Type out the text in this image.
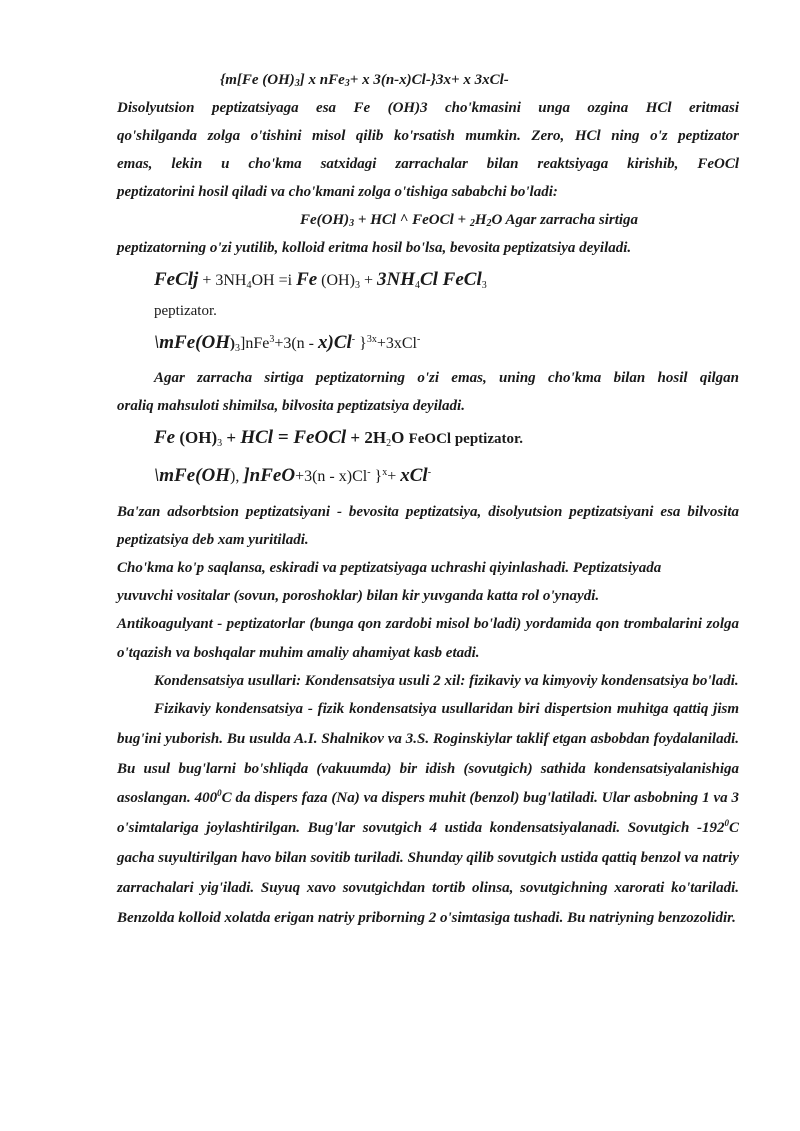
{m[Fe $(OH)_3$] x nFe$_3$+ x 3(n-x)Cl-}3x+ x 3xCl-

Disolyutsion peptizatsiyaga esa Fe (OH)3 cho'kmasini unga ozgina HCl eritmasi

qo'shilganda zolga o'tishini misol qilib ko'rsatish mumkin. Zero, HCl ning o'z peptizator

emas, lekin u cho'kma satxidagi zarrachalar bilan reaktsiyaga kirishib, FeOCl

peptizatorini hosil qiladi va cho'kmani zolga o'tishiga sababchi bo'ladi:

$Fe(OH)_3$ + HCl ^ FeOCl + $_2H_2O$ Agar zarracha sirtiga

peptizatorning o'zi yutilib, kolloid eritma hosil bo'lsa, bevosita peptizatsiya deyiladi.

FeClj + $3NH_4OH =i$ Fe $(OH)_3 + 3NH_4Cl$ FeCl$_3$

peptizator.

$\backslash mFe(OH)_3]nFe^3+3(n - x)Cl^-$ }$^{3x}$+3xCl-

Agar zarracha sirtiga peptizatorning o'zi emas, uning cho'kma bilan hosil qilgan

oraliq mahsuloti shimilsa, bilvosita peptizatsiya deyiladi.

Fe $(OH)_3$ + HCl = FeOCl + $2H_2O$ FeOCl peptizator.

\mFe(OH), ]nFeO+3(n - x)Cl- }$^x$+ xCl-

Ba'zan adsorbtsion peptizatsiyani - bevosita peptizatsiya, disolyutsion peptizatsiyani esa bilvosita peptizatsiya deb xam yuritiladi.

Cho'kma ko'p saqlansa, eskiradi va peptizatsiyaga uchrashi qiyinlashadi. Peptizatsiyada

yuvuvchi vositalar (sovun, poroshoklar) bilan kir yuvganda katta rol o'ynaydi.

Antikoagulyant - peptizatorlar (bunga qon zardobi misol bo'ladi) yordamida qon trombalarini zolga o'tqazish va boshqalar muhim amaliy ahamiyat kasb etadi.

Kondensatsiya usullari: Kondensatsiya usuli 2 xil: fizikaviy va kimyoviy kondensatsiya bo'ladi.

Fizikaviy kondensatsiya - fizik kondensatsiya usullaridan biri dispertsion muhitga qattiq jism bug'ini yuborish. Bu usulda A.I. Shalnikov va 3.S. Roginskiylar taklif etgan asbobdan foydalaniladi. Bu usul bug'larni bo'shliqda (vakuumda) bir idish (sovutgich) sathida kondensatsiyalanishiga asoslangan. $400^0C$ da dispers faza (Na) va dispers muhit (benzol) bug'latiladi. Ular asbobning 1 va 3 o'simtalariga joylashtirilgan. Bug'lar sovutgich 4 ustida kondensatsiyalanadi. Sovutgich $-192^0C$ gacha suyultirilgan havo bilan sovitib turiladi. Shunday qilib sovutgich ustida qattiq benzol va natriy zarrachalari yig'iladi. Suyuq xavo sovutgichdan tortib olinsa, sovutgichning xarorati ko'tariladi. Benzolda kolloid xolatda erigan natriy priborning 2 o'simtasiga tushadi. Bu natriyning benzozolidir.
